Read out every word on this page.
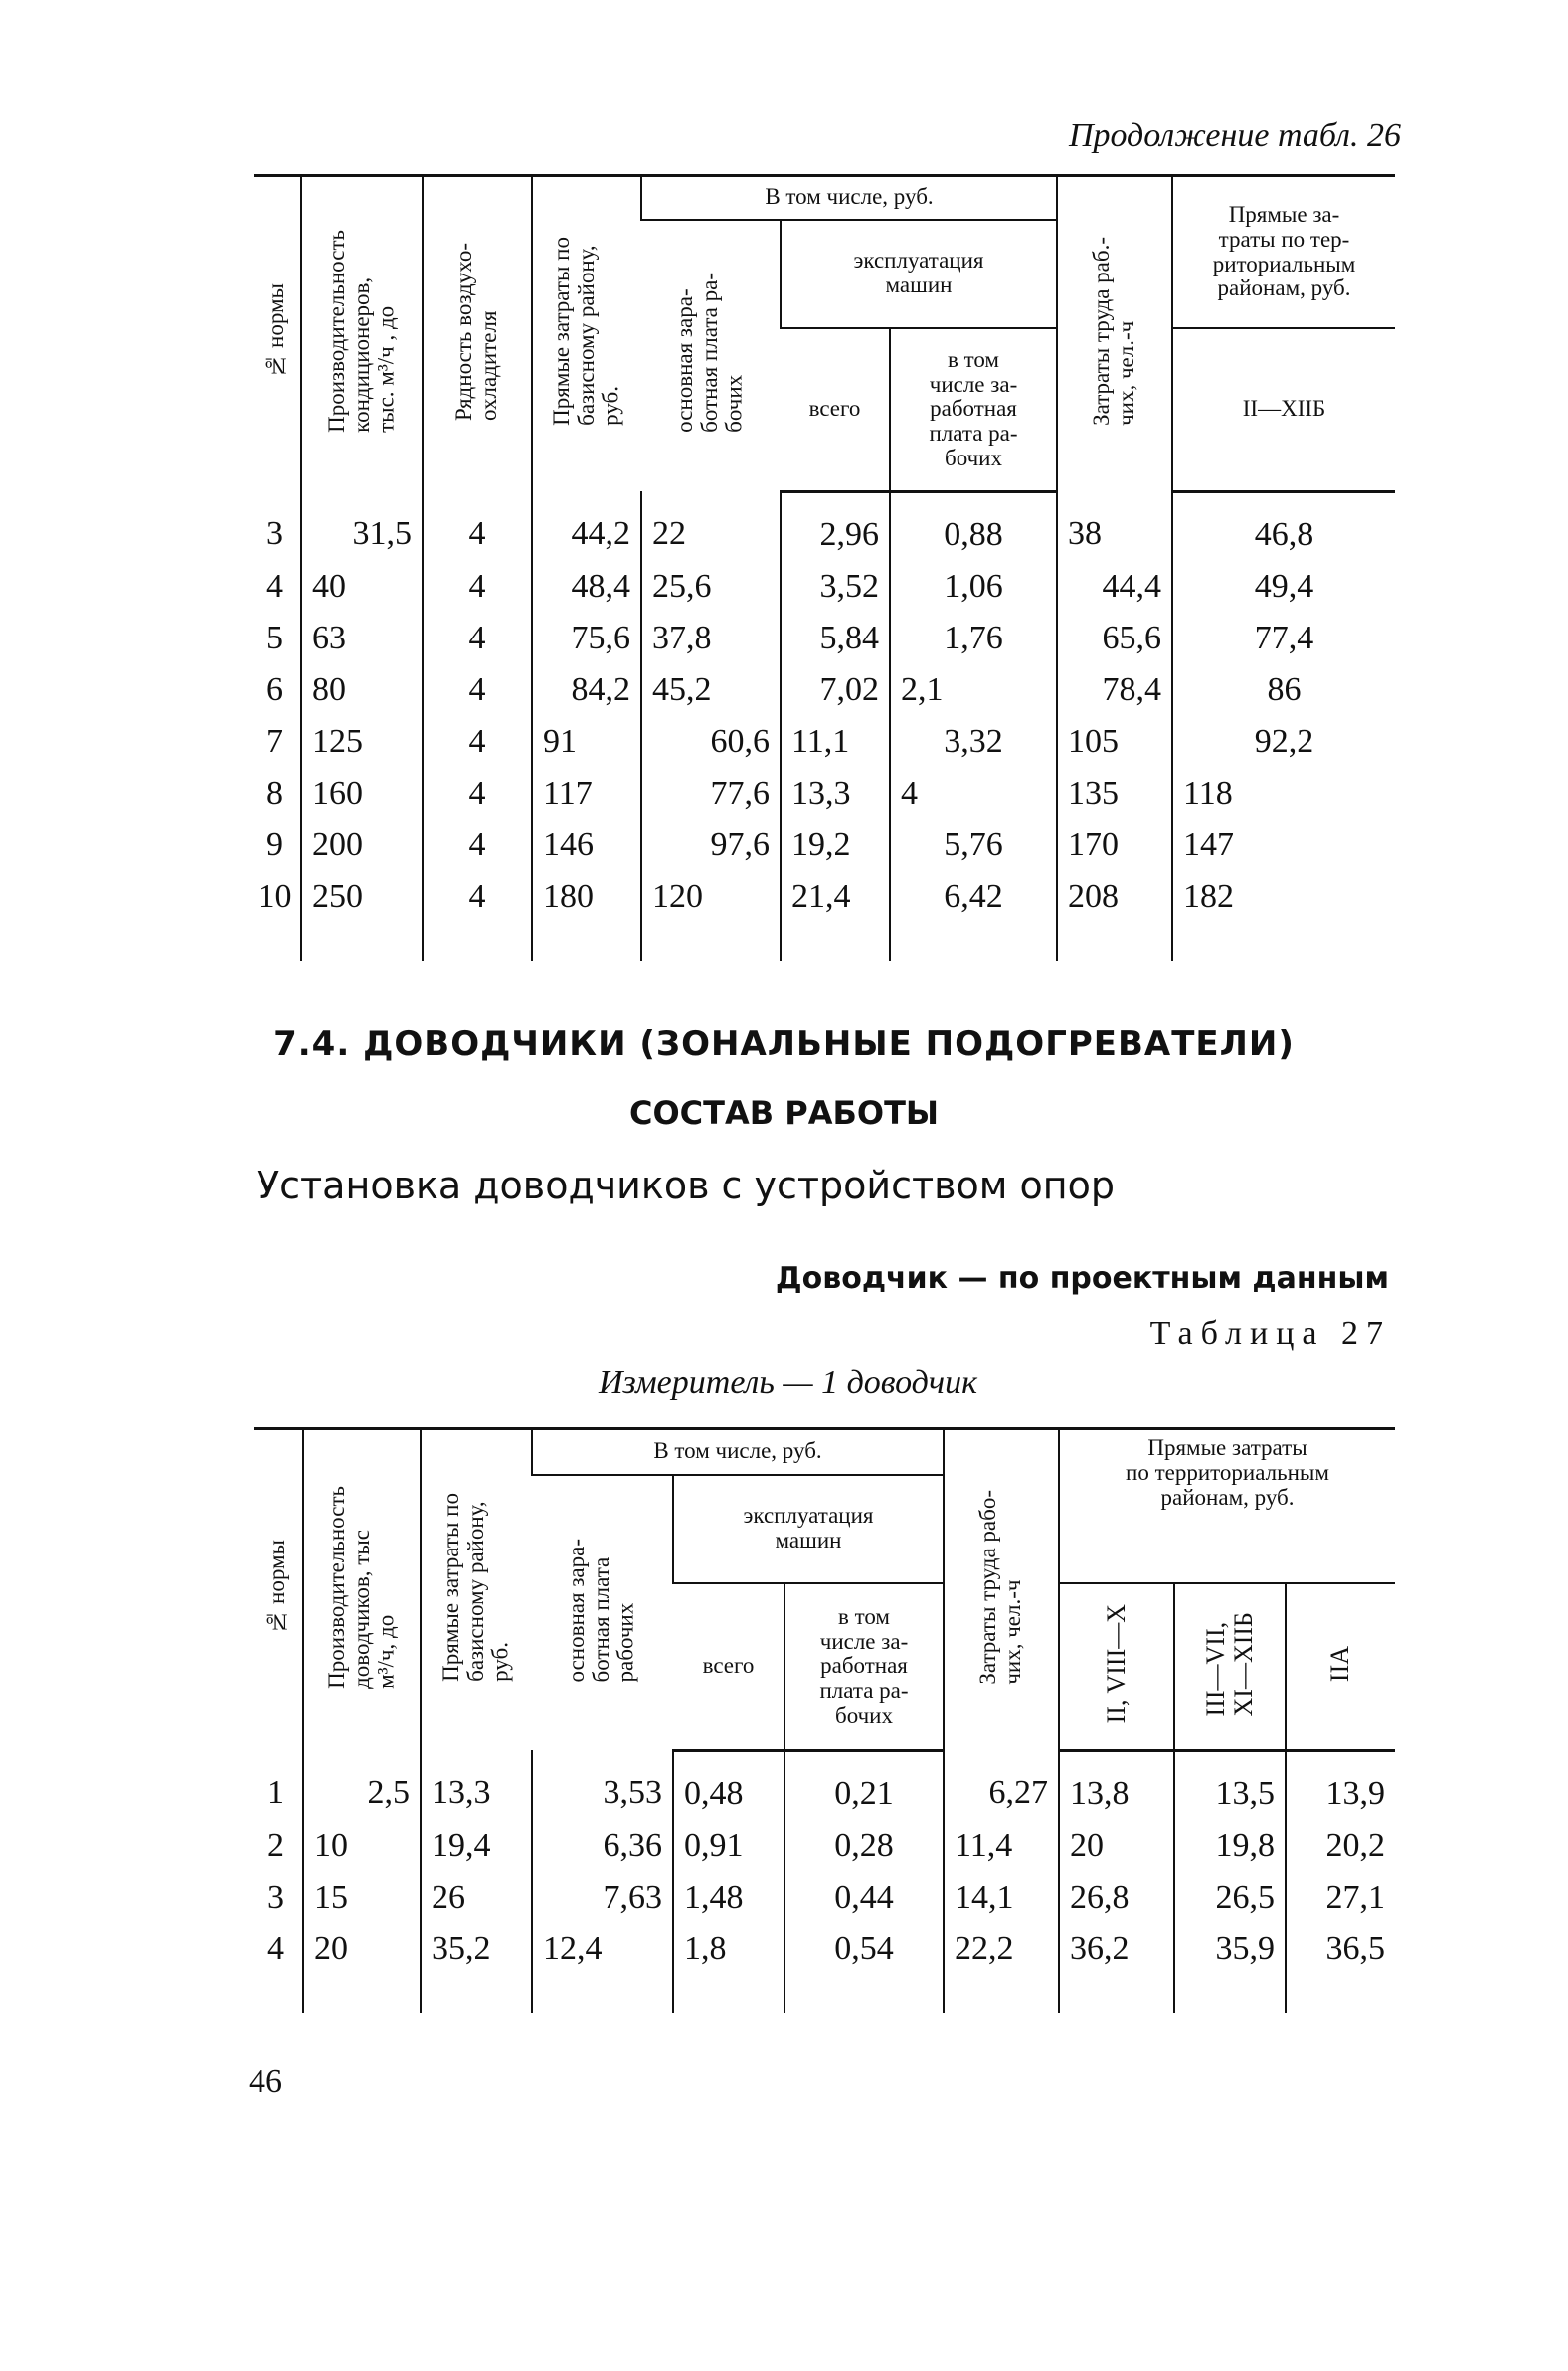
Продолжение табл. 26
№ нормы	Производительность
кондиционеров,
тыс. м³/ч , до	Рядность воздухо-
охладителя	Прямые затраты по
базисному району,
руб.	В том числе, руб.			Затраты труда раб.-
чих, чел.-ч	Прямые за-
траты по тер-
риториальным
районам, руб.
				основная зара-
ботная плата ра-
бочих	эксплуатация
машин			
					всего	в том
числе за-
работная
плата ра-
бочих		II—XIIБ
3	31,5	4	44,2	22	2,96	0,88	38	46,8
4	40	4	48,4	25,6	3,52	1,06	44,4	49,4
5	63	4	75,6	37,8	5,84	1,76	65,6	77,4
6	80	4	84,2	45,2	7,02	2,1	78,4	86
7	125	4	91	60,6	11,1	3,32	105	92,2
8	160	4	117	77,6	13,3	4	135	118
9	200	4	146	97,6	19,2	5,76	170	147
10	250	4	180	120	21,4	6,42	208	182
7.4. ДОВОДЧИКИ (ЗОНАЛЬНЫЕ ПОДОГРЕВАТЕЛИ)
СОСТАВ РАБОТЫ
Установка доводчиков с устройством опор
Доводчик — по проектным данным
Таблица 27
Измеритель — 1 доводчик
№ нормы	Производительность
доводчиков, тыс
м³/ч, до	Прямые затраты по
базисному району,
руб.	В том числе, руб.			Затраты труда рабо-
чих, чел.-ч	Прямые затраты
по территориальным
районам, руб.		
			основная зара-
ботная плата
рабочих	эксплуатация
машин					
				всего	в том
числе за-
работная
плата ра-
бочих		II, VIII—X	III—VII,
XI—XIIБ	IIA
1	2,5	13,3	3,53	0,48	0,21	6,27	13,8	13,5	13,9
2	10	19,4	6,36	0,91	0,28	11,4	20	19,8	20,2
3	15	26	7,63	1,48	0,44	14,1	26,8	26,5	27,1
4	20	35,2	12,4	1,8	0,54	22,2	36,2	35,9	36,5
46
